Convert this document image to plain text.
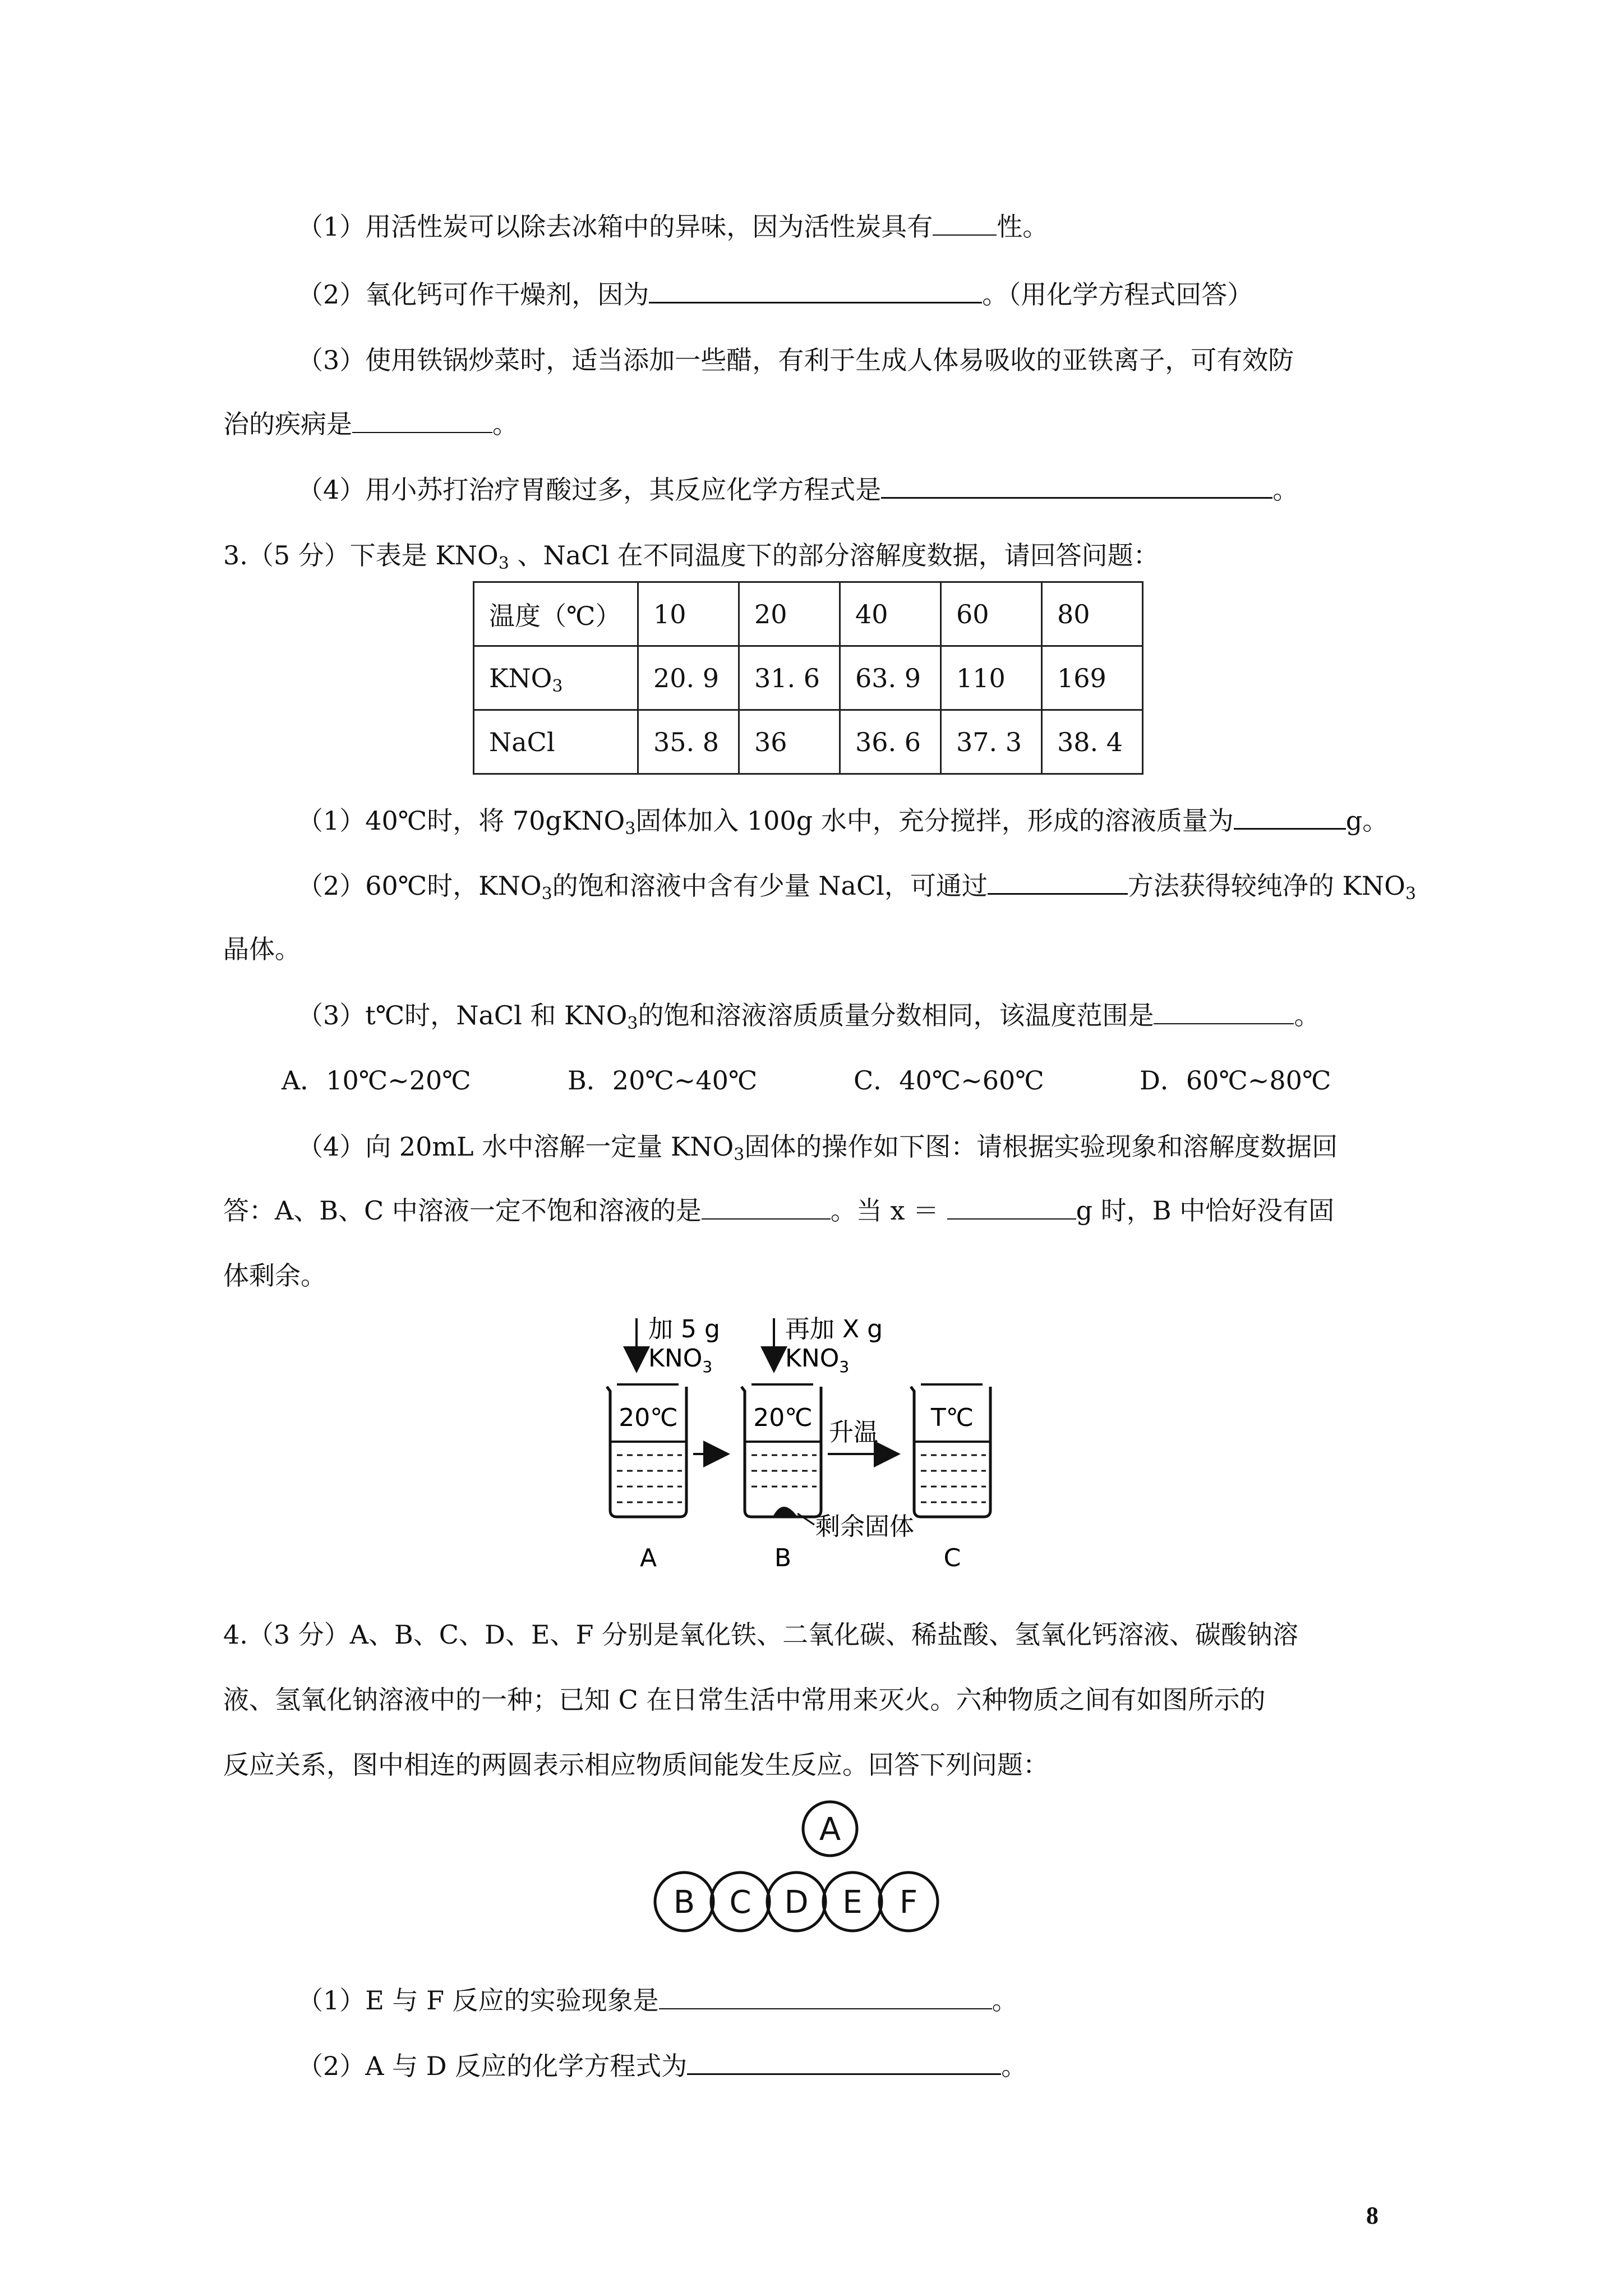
（1）用活性炭可以除去冰箱中的异味，因为活性炭具有 性。
（2）氧化钙可作干燥剂，因为	。（用化学方程式回答）
（3）使用铁锅炒菜时，适当添加一些醋，有利于生成人体易吸收的亚铁离子，可有效防
治的疾病是	。
（4）用小苏打治疗胃酸过多，其反应化学方程式是	。
3.（5 分）下表是 $KNO_3$ 、NaCl 在不同温度下的部分溶解度数据，请回答问题：
温度（℃）	10	20	40	60	80
$KNO_3$	20. 9	31. 6	63. 9	110	169
NaCl	35. 8	36	36. 6	37. 3	38. 4
（1）40℃时，将 70gKNO$_3$固体加入 100g 水中，充分搅拌，形成的溶液质量为	g。
（2）60℃时，$KNO_3$的饱和溶液中含有少量 NaCl，可通过	方法获得较纯净的 $KNO_3$
晶体。
（3）t℃时，NaCl 和 $KNO_3$的饱和溶液溶质质量分数相同，该温度范围是	。
A．10℃~20℃	B．20℃~40℃	C．40℃~60℃	D．60℃~80℃
（4）向 20mL 水中溶解一定量 $KNO_3$固体的操作如下图：请根据实验现象和溶解度数据回
答：A、B、C 中溶液一定不饱和溶液的是	。当 x ＝	g 时，B 中恰好没有固
体剩余。
加 5 g
$KNO_3$
再加 X g
$KNO_3$
20℃	20℃
剩余固体
升温
T℃
A	B	C
4.（3 分）A、B、C、D、E、F 分别是氧化铁、二氧化碳、稀盐酸、氢氧化钙溶液、碳酸钠溶
液、氢氧化钠溶液中的一种；已知 C 在日常生活中常用来灭火。六种物质之间有如图所示的
反应关系，图中相连的两圆表示相应物质间能发生反应。回答下列问题：
A
B C D E F
（1）E 与 F 反应的实验现象是	。
（2）A 与 D 反应的化学方程式为	。
8
